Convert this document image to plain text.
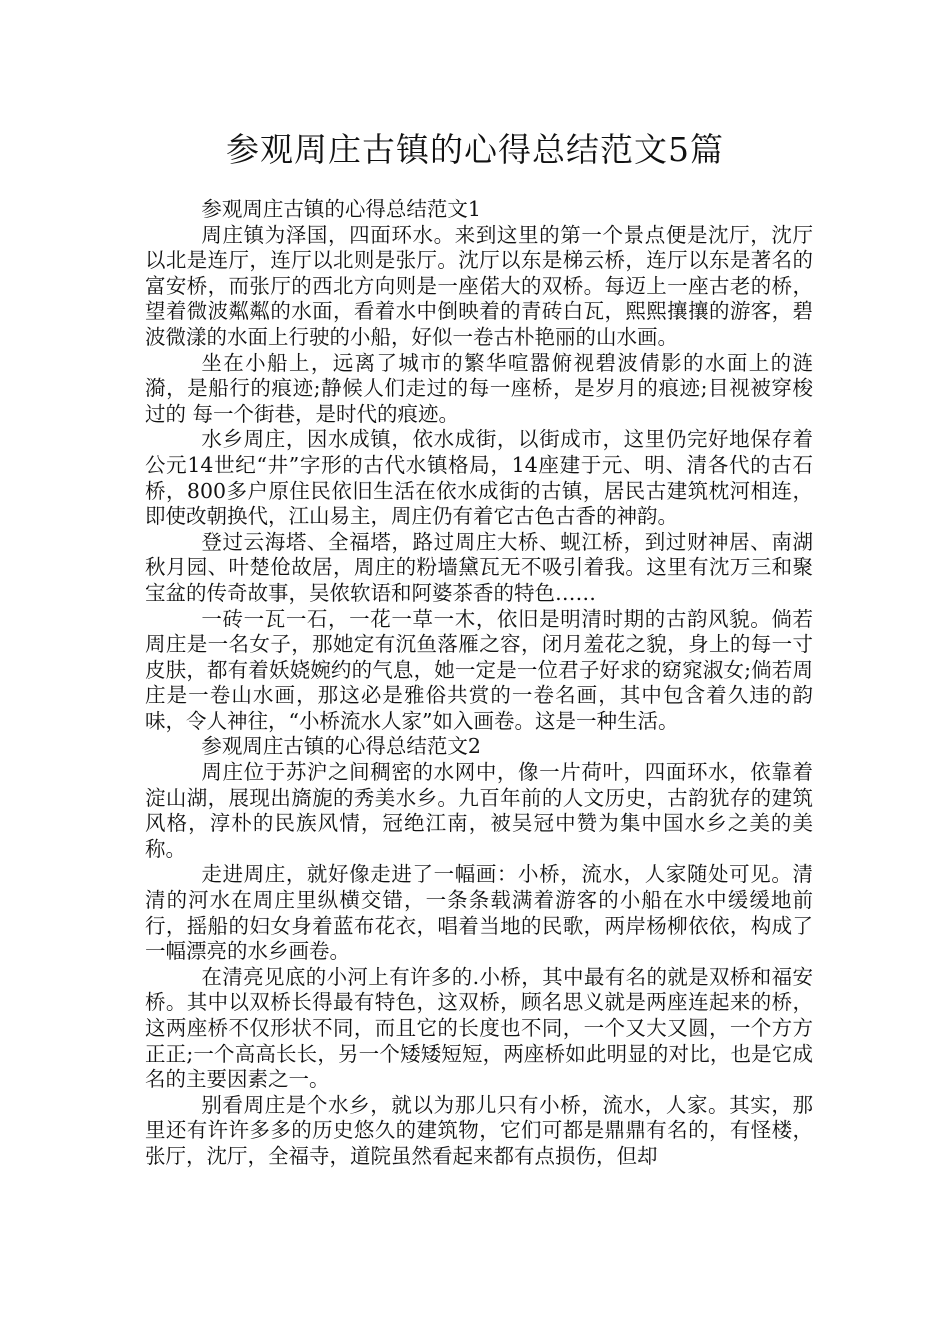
参观周庄古镇的心得总结范文5篇

参观周庄古镇的心得总结范文1

周庄镇为泽国，四面环水。来到这里的第一个景点便是沈厅，沈厅以北是连厅，连厅以北则是张厅。沈厅以东是梯云桥，连厅以东是著名的富安桥，而张厅的西北方向则是一座偌大的双桥。每迈上一座古老的桥，望着微波粼粼的水面，看着水中倒映着的青砖白瓦，熙熙攘攘的游客，碧波微漾的水面上行驶的小船，好似一卷古朴艳丽的山水画。

坐在小船上，远离了城市的繁华喧嚣俯视碧波倩影的水面上的涟漪，是船行的痕迹;静候人们走过的每一座桥，是岁月的痕迹;目视被穿梭过的 每一个街巷，是时代的痕迹。

水乡周庄，因水成镇，依水成街，以街成市，这里仍完好地保存着公元14世纪“井”字形的古代水镇格局，14座建于元、明、清各代的古石桥，800多户原住民依旧生活在依水成街的古镇，居民古建筑枕河相连，即使改朝换代，江山易主，周庄仍有着它古色古香的神韵。

登过云海塔、全福塔，路过周庄大桥、蚬江桥，到过财神居、南湖秋月园、叶楚伧故居，周庄的粉墙黛瓦无不吸引着我。这里有沈万三和聚宝盆的传奇故事，吴侬软语和阿婆茶香的特色……

一砖一瓦一石，一花一草一木，依旧是明清时期的古韵风貌。倘若周庄是一名女子，那她定有沉鱼落雁之容，闭月羞花之貌，身上的每一寸皮肤，都有着妖娆婉约的气息，她一定是一位君子好求的窈窕淑女;倘若周庄是一卷山水画，那这必是雅俗共赏的一卷名画，其中包含着久违的韵味，令人神往，“小桥流水人家”如入画卷。这是一种生活。

参观周庄古镇的心得总结范文2

周庄位于苏沪之间稠密的水网中，像一片荷叶，四面环水，依靠着淀山湖，展现出旖旎的秀美水乡。九百年前的人文历史，古韵犹存的建筑风格，淳朴的民族风情，冠绝江南，被吴冠中赞为集中国水乡之美的美称。

走进周庄，就好像走进了一幅画：小桥，流水，人家随处可见。清清的河水在周庄里纵横交错，一条条载满着游客的小船在水中缓缓地前行，摇船的妇女身着蓝布花衣，唱着当地的民歌，两岸杨柳依依，构成了一幅漂亮的水乡画卷。

在清亮见底的小河上有许多的.小桥，其中最有名的就是双桥和福安桥。其中以双桥长得最有特色，这双桥，顾名思义就是两座连起来的桥，这两座桥不仅形状不同，而且它的长度也不同，一个又大又圆，一个方方正正;一个高高长长，另一个矮矮短短，两座桥如此明显的对比，也是它成名的主要因素之一。

别看周庄是个水乡，就以为那儿只有小桥，流水，人家。其实，那里还有许许多多的历史悠久的建筑物，它们可都是鼎鼎有名的，有怪楼，张厅，沈厅，全福寺，道院虽然看起来都有点损伤，但却
